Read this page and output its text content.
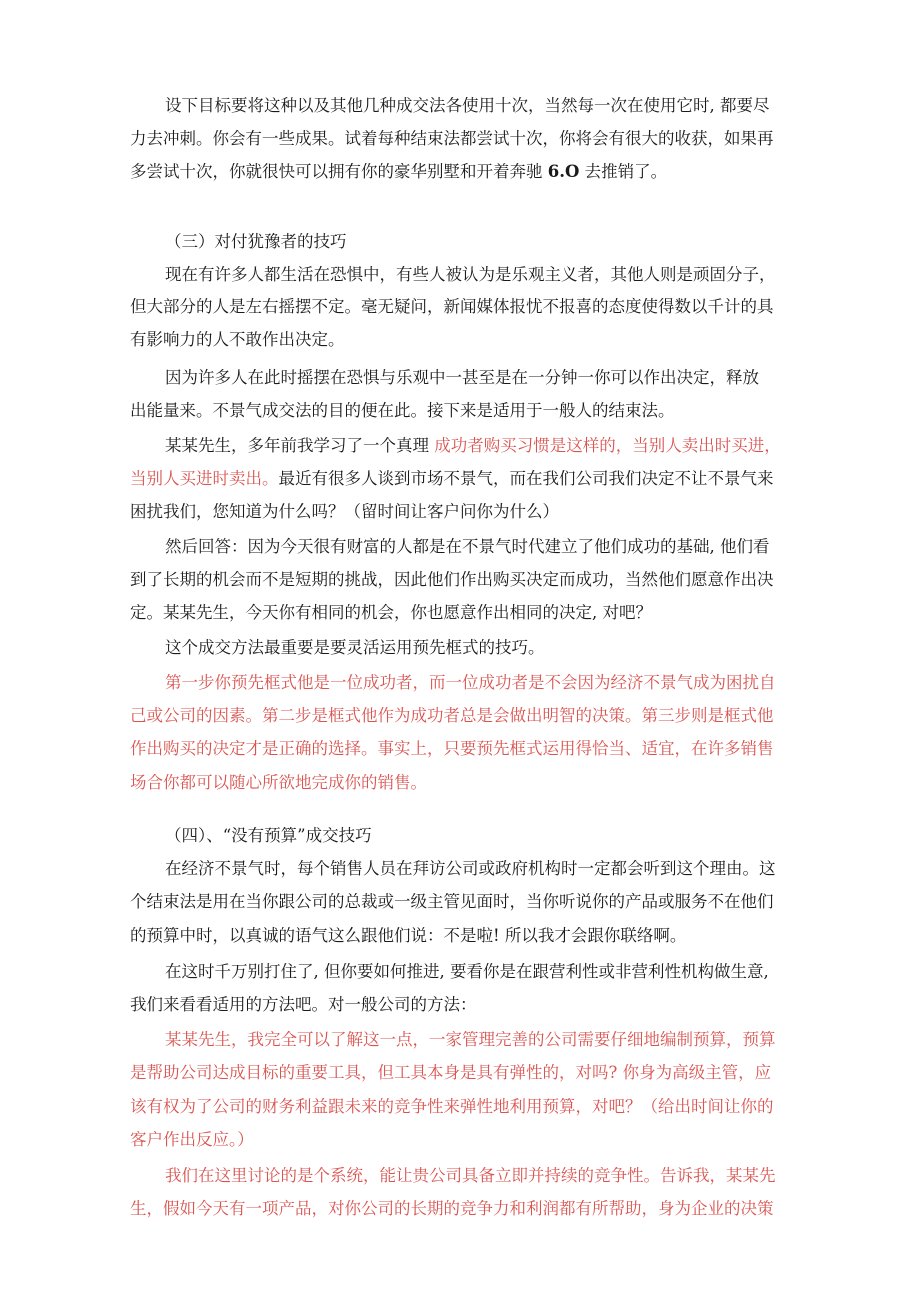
设下目标要将这种以及其他几种成交法各使用十次，当然每一次在使用它时, 都要尽
力去冲刺。你会有一些成果。试着每种结束法都尝试十次，你将会有很大的收获，如果再
多尝试十次，你就很快可以拥有你的豪华别墅和开着奔驰 6.O 去推销了。
（三）对付犹豫者的技巧
现在有许多人都生活在恐惧中，有些人被认为是乐观主义者，其他人则是顽固分子，
但大部分的人是左右摇摆不定。毫无疑问，新闻媒体报忧不报喜的态度使得数以千计的具
有影响力的人不敢作出决定。
因为许多人在此时摇摆在恐惧与乐观中一甚至是在一分钟一你可以作出决定，释放
出能量来。不景气成交法的目的便在此。接下来是适用于一般人的结束法。
某某先生，多年前我学习了一个真理 成功者购买习惯是这样的，当别人卖出时买进，
当别人买进时卖出。最近有很多人谈到市场不景气，而在我们公司我们决定不让不景气来
困扰我们，您知道为什么吗？（留时间让客户问你为什么）
然后回答：因为今天很有财富的人都是在不景气时代建立了他们成功的基础, 他们看
到了长期的机会而不是短期的挑战，因此他们作出购买决定而成功，当然他们愿意作出决
定。某某先生，今天你有相同的机会，你也愿意作出相同的决定, 对吧？
这个成交方法最重要是要灵活运用预先框式的技巧。
第一步你预先框式他是一位成功者，而一位成功者是不会因为经济不景气成为困扰自
己或公司的因素。第二步是框式他作为成功者总是会做出明智的决策。第三步则是框式他
作出购买的决定才是正确的选择。事实上，只要预先框式运用得恰当、适宜，在许多销售
场合你都可以随心所欲地完成你的销售。
（四）、“没有预算”成交技巧
在经济不景气时，每个销售人员在拜访公司或政府机构时一定都会听到这个理由。这
个结束法是用在当你跟公司的总裁或一级主管见面时，当你听说你的产品或服务不在他们
的预算中时，以真诚的语气这么跟他们说：不是啦! 所以我才会跟你联络啊。
在这时千万别打住了, 但你要如何推进, 要看你是在跟营利性或非营利性机构做生意,
我们来看看适用的方法吧。对一般公司的方法：
某某先生，我完全可以了解这一点，一家管理完善的公司需要仔细地编制预算，预算
是帮助公司达成目标的重要工具，但工具本身是具有弹性的，对吗? 你身为高级主管，应
该有权为了公司的财务利益跟未来的竞争性来弹性地利用预算，对吧？（给出时间让你的
客户作出反应。）
我们在这里讨论的是个系统，能让贵公司具备立即并持续的竞争性。告诉我，某某先
生，假如今天有一项产品，对你公司的长期的竞争力和利润都有所帮助，身为企业的决策
